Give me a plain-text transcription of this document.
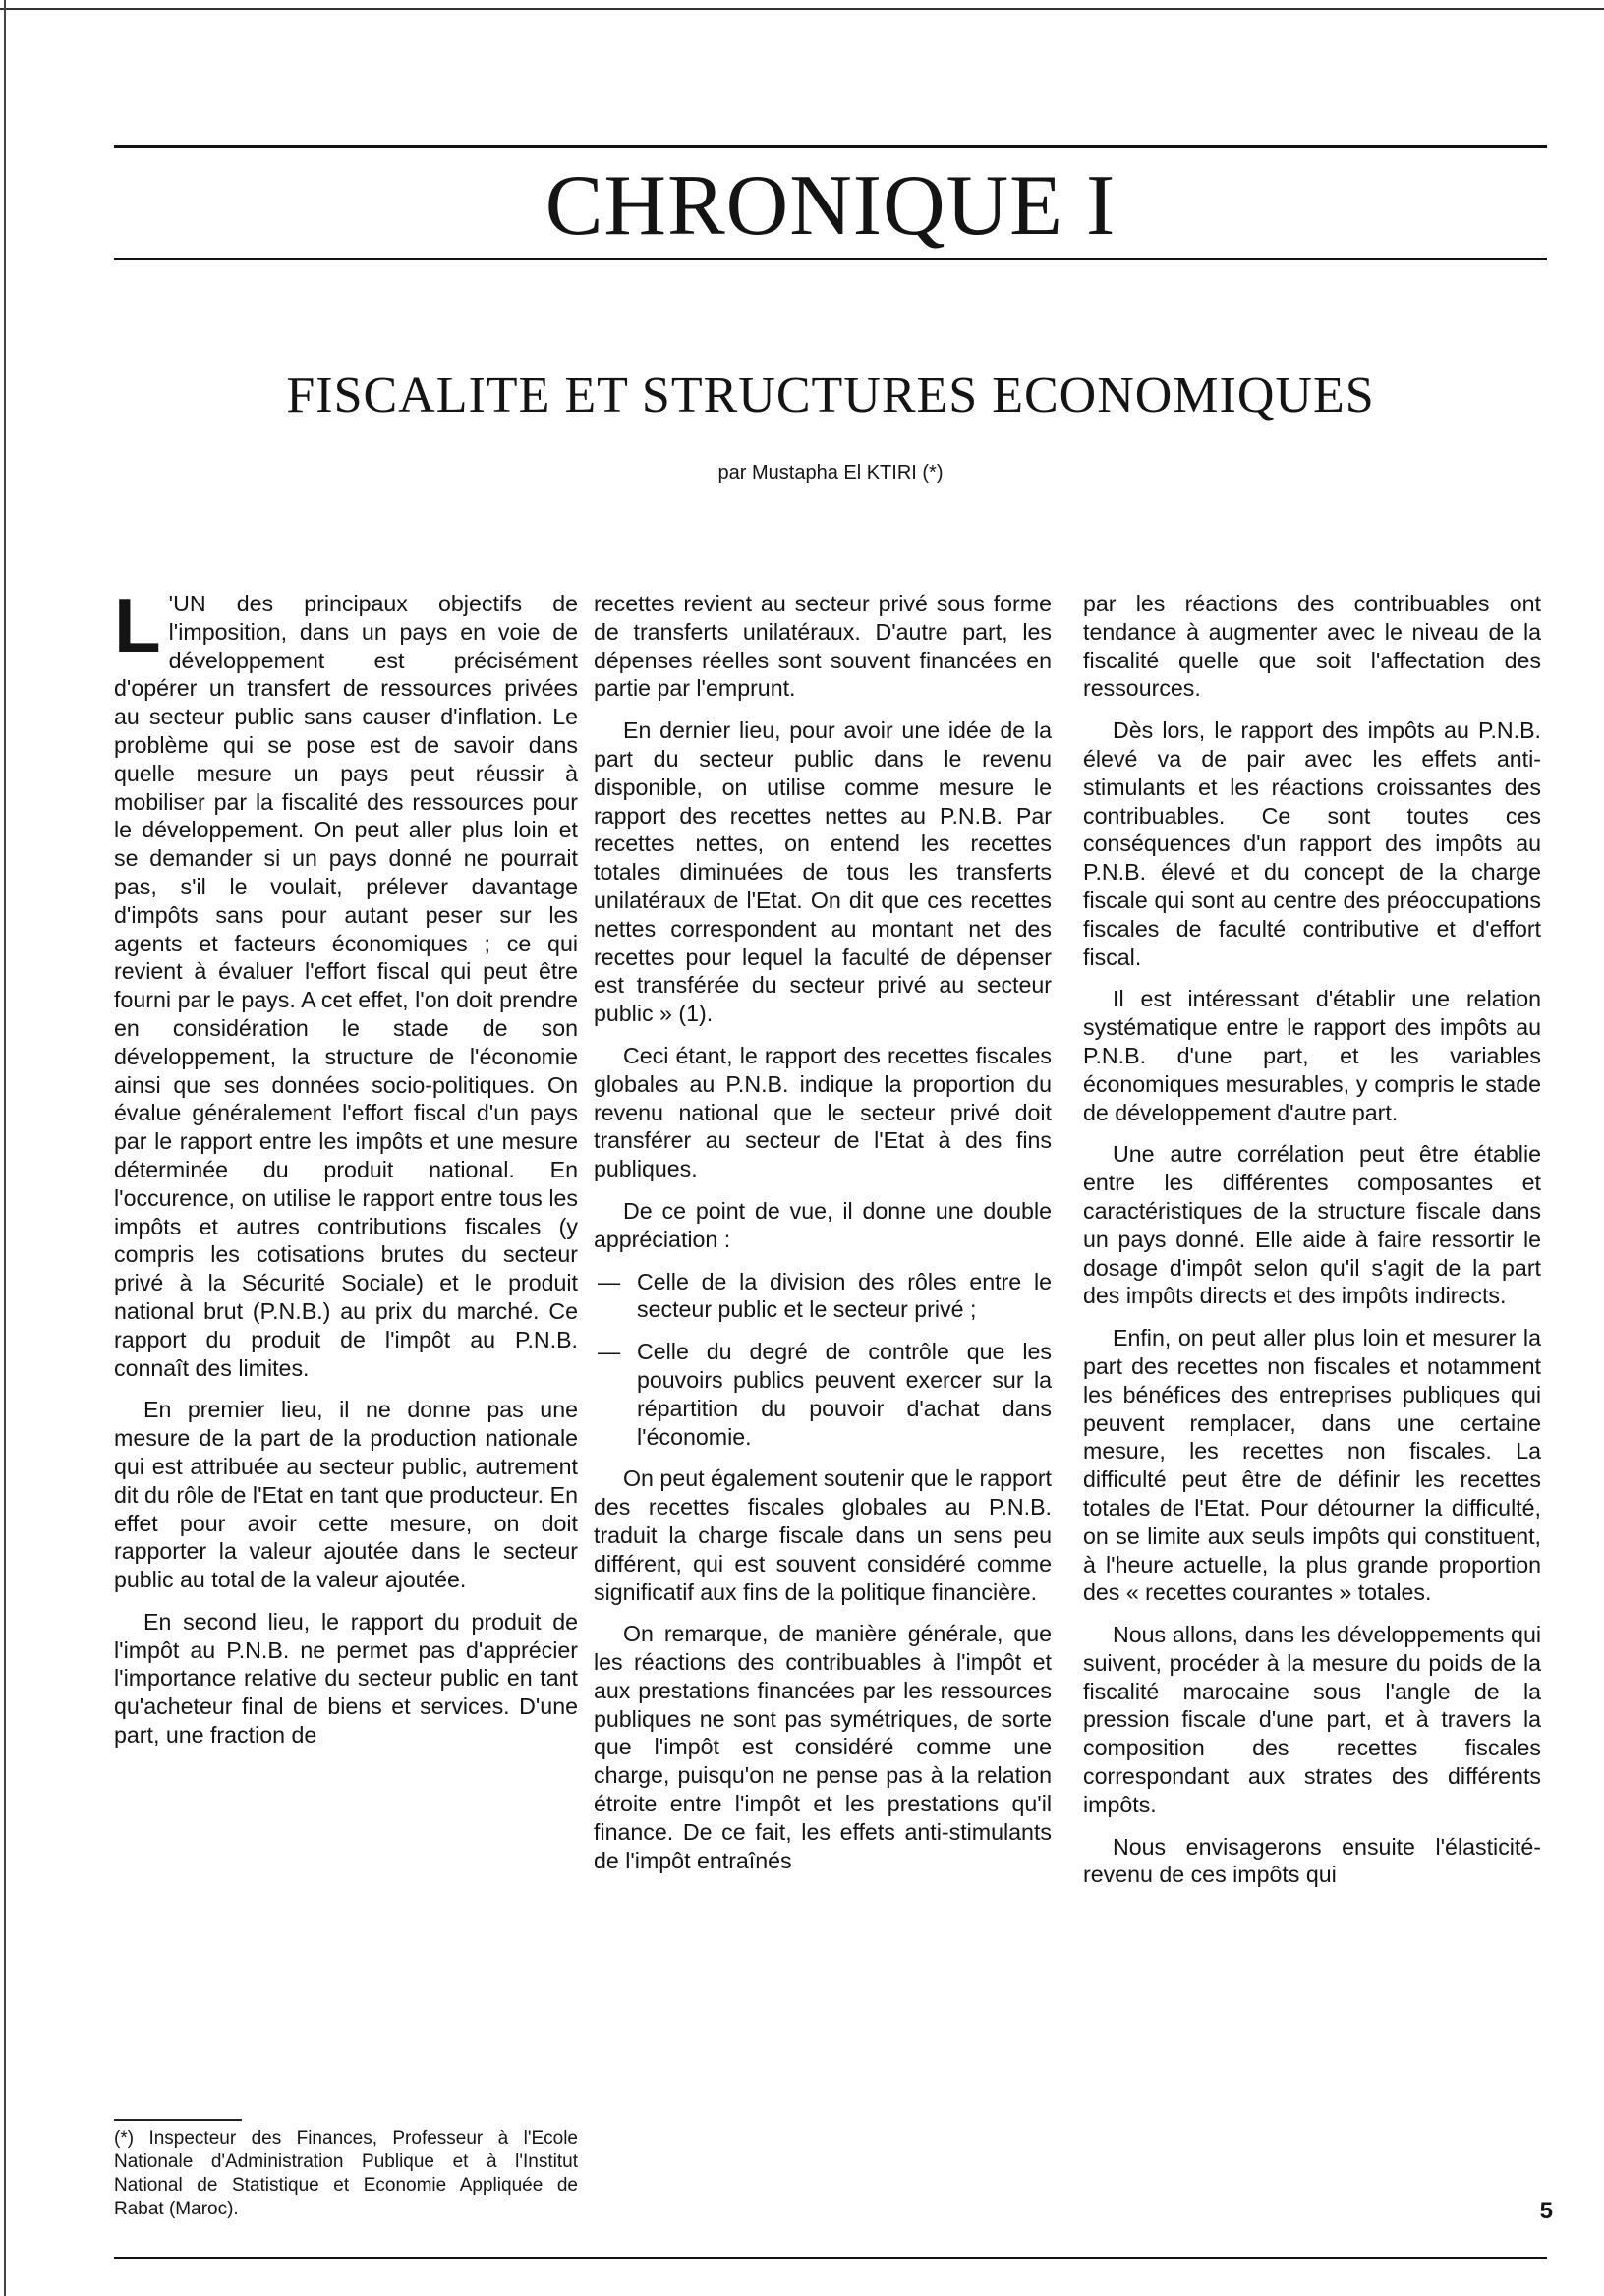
CHRONIQUE I
FISCALITE ET STRUCTURES ECONOMIQUES
par Mustapha El KTIRI (*)

L 'UN des principaux objectifs de l'imposition, dans un pays en voie de développement est précisément d'opérer un transfert de ressources privées au secteur public sans causer d'inflation. Le problème qui se pose est de savoir dans quelle mesure un pays peut réussir à mobiliser par la fiscalité des ressources pour le développement. On peut aller plus loin et se demander si un pays donné ne pourrait pas, s'il le voulait, prélever davantage d'impôts sans pour autant peser sur les agents et facteurs économiques ; ce qui revient à évaluer l'effort fiscal qui peut être fourni par le pays. A cet effet, l'on doit prendre en considération le stade de son développement, la structure de l'économie ainsi que ses données socio-politiques. On évalue généralement l'effort fiscal d'un pays par le rapport entre les impôts et une mesure déterminée du produit national. En l'occurence, on utilise le rapport entre tous les impôts et autres contributions fiscales (y compris les cotisations brutes du secteur privé à la Sécurité Sociale) et le produit national brut (P.N.B.) au prix du marché. Ce rapport du produit de l'impôt au P.N.B. connaît des limites.

En premier lieu, il ne donne pas une mesure de la part de la production nationale qui est attribuée au secteur public, autrement dit du rôle de l'Etat en tant que producteur. En effet pour avoir cette mesure, on doit rapporter la valeur ajoutée dans le secteur public au total de la valeur ajoutée.

En second lieu, le rapport du produit de l'impôt au P.N.B. ne permet pas d'apprécier l'importance relative du secteur public en tant qu'acheteur final de biens et services. D'une part, une fraction de

recettes revient au secteur privé sous forme de transferts unilatéraux. D'autre part, les dépenses réelles sont souvent financées en partie par l'emprunt.

En dernier lieu, pour avoir une idée de la part du secteur public dans le revenu disponible, on utilise comme mesure le rapport des recettes nettes au P.N.B. Par recettes nettes, on entend les recettes totales diminuées de tous les transferts unilatéraux de l'Etat. On dit que ces recettes nettes correspondent au montant net des recettes pour lequel la faculté de dépenser est transférée du secteur privé au secteur public » (1).

Ceci étant, le rapport des recettes fiscales globales au P.N.B. indique la proportion du revenu national que le secteur privé doit transférer au secteur de l'Etat à des fins publiques.

De ce point de vue, il donne une double appréciation :

— Celle de la division des rôles entre le secteur public et le secteur privé ;
— Celle du degré de contrôle que les pouvoirs publics peuvent exercer sur la répartition du pouvoir d'achat dans l'économie.

On peut également soutenir que le rapport des recettes fiscales globales au P.N.B. traduit la charge fiscale dans un sens peu différent, qui est souvent considéré comme significatif aux fins de la politique financière.

On remarque, de manière générale, que les réactions des contribuables à l'impôt et aux prestations financées par les ressources publiques ne sont pas symétriques, de sorte que l'impôt est considéré comme une charge, puisqu'on ne pense pas à la relation étroite entre l'impôt et les prestations qu'il finance. De ce fait, les effets anti-stimulants de l'impôt entraînés

par les réactions des contribuables ont tendance à augmenter avec le niveau de la fiscalité quelle que soit l'affectation des ressources.

Dès lors, le rapport des impôts au P.N.B. élevé va de pair avec les effets anti-stimulants et les réactions croissantes des contribuables. Ce sont toutes ces conséquences d'un rapport des impôts au P.N.B. élevé et du concept de la charge fiscale qui sont au centre des préoccupations fiscales de faculté contributive et d'effort fiscal.

Il est intéressant d'établir une relation systématique entre le rapport des impôts au P.N.B. d'une part, et les variables économiques mesurables, y compris le stade de développement d'autre part.

Une autre corrélation peut être établie entre les différentes composantes et caractéristiques de la structure fiscale dans un pays donné. Elle aide à faire ressortir le dosage d'impôt selon qu'il s'agit de la part des impôts directs et des impôts indirects.

Enfin, on peut aller plus loin et mesurer la part des recettes non fiscales et notamment les bénéfices des entreprises publiques qui peuvent remplacer, dans une certaine mesure, les recettes non fiscales. La difficulté peut être de définir les recettes totales de l'Etat. Pour détourner la difficulté, on se limite aux seuls impôts qui constituent, à l'heure actuelle, la plus grande proportion des « recettes courantes » totales.

Nous allons, dans les développements qui suivent, procéder à la mesure du poids de la fiscalité marocaine sous l'angle de la pression fiscale d'une part, et à travers la composition des recettes fiscales correspondant aux strates des différents impôts.

Nous envisagerons ensuite l'élasticité-revenu de ces impôts qui

(*) Inspecteur des Finances, Professeur à l'Ecole Nationale d'Administration Publique et à l'Institut National de Statistique et Economie Appliquée de Rabat (Maroc).	5
